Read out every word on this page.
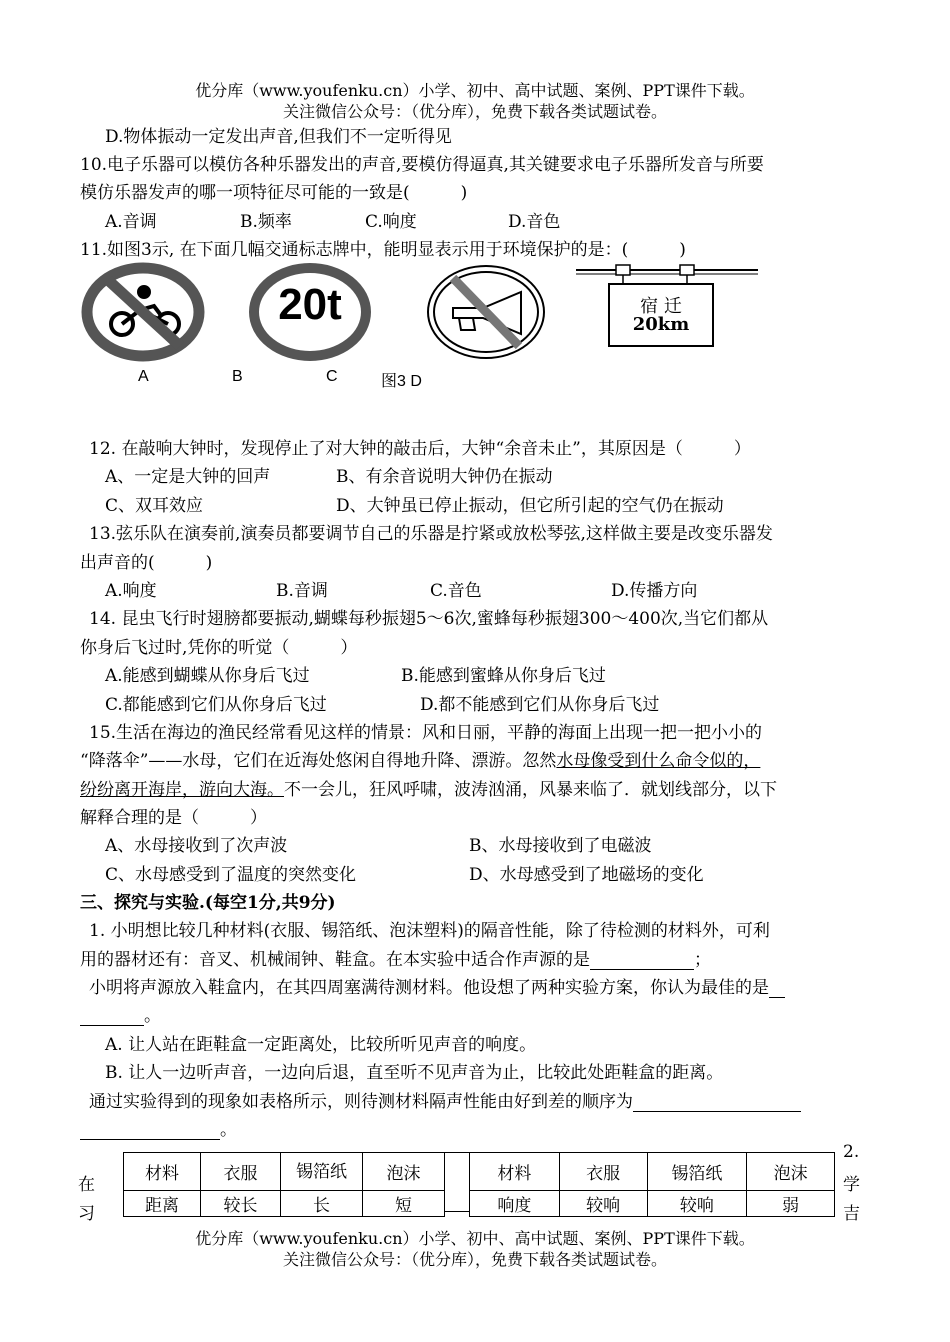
优分库（www.youfenku.cn）小学、初中、高中试题、案例、PPT课件下载。
关注微信公众号：（优分库），免费下载各类试题试卷。
D.物体振动一定发出声音,但我们不一定听得见
10.电子乐器可以模仿各种乐器发出的声音,要模仿得逼真,其关键要求电子乐器所发音与所要
模仿乐器发声的哪一项特征尽可能的一致是(　　　)
A.音调	B.频率	C.响度	D.音色
11.如图3示, 在下面几幅交通标志牌中，能明显表示用于环境保护的是：(　　　)
20t	宿 迁
20km
A	B	C	图3 D
12. 在敲响大钟时，发现停止了对大钟的敲击后，大钟“余音未止”，其原因是（　　　）
A、一定是大钟的回声	B、有余音说明大钟仍在振动
C、双耳效应	D、大钟虽已停止振动，但它所引起的空气仍在振动
13.弦乐队在演奏前,演奏员都要调节自己的乐器是拧紧或放松琴弦,这样做主要是改变乐器发
出声音的(　　　)
A.响度	B.音调	C.音色	D.传播方向
14. 昆虫飞行时翅膀都要振动,蝴蝶每秒振翅5～6次,蜜蜂每秒振翅300～400次,当它们都从
你身后飞过时,凭你的听觉（　　　）
A.能感到蝴蝶从你身后飞过	B.能感到蜜蜂从你身后飞过
C.都能感到它们从你身后飞过	D.都不能感到它们从你身后飞过
15.生活在海边的渔民经常看见这样的情景：风和日丽，平静的海面上出现一把一把小小的
“降落伞”——水母，它们在近海处悠闲自得地升降、漂游。忽然水母像受到什么命令似的，
纷纷离开海岸，游向大海。不一会儿，狂风呼啸，波涛汹涌，风暴来临了．就划线部分，以下
解释合理的是（　　　）
A、水母接收到了次声波	B、水母接收到了电磁波
C、水母感受到了温度的突然变化	D、水母感受到了地磁场的变化
三、探究与实验.(每空1分,共9分)
1. 小明想比较几种材料(衣服、锡箔纸、泡沫塑料)的隔音性能，除了待检测的材料外，可利
用的器材还有：音叉、机械闹钟、鞋盒。在本实验中适合作声源的是	；
小明将声源放入鞋盒内，在其四周塞满待测材料。他设想了两种实验方案，你认为最佳的是
。
A. 让人站在距鞋盒一定距离处，比较所听见声音的响度。
B. 让人一边听声音，一边向后退，直至听不见声音为止，比较此处距鞋盒的距离。
通过实验得到的现象如表格所示，则待测材料隔声性能由好到差的顺序为
。
在
习
2.
学
吉
材料	衣服	锡箔纸	泡沫
距离	较长	长	短
材料	衣服	锡箔纸	泡沫
响度	较响	较响	弱
优分库（www.youfenku.cn）小学、初中、高中试题、案例、PPT课件下载。
关注微信公众号：（优分库），免费下载各类试题试卷。
